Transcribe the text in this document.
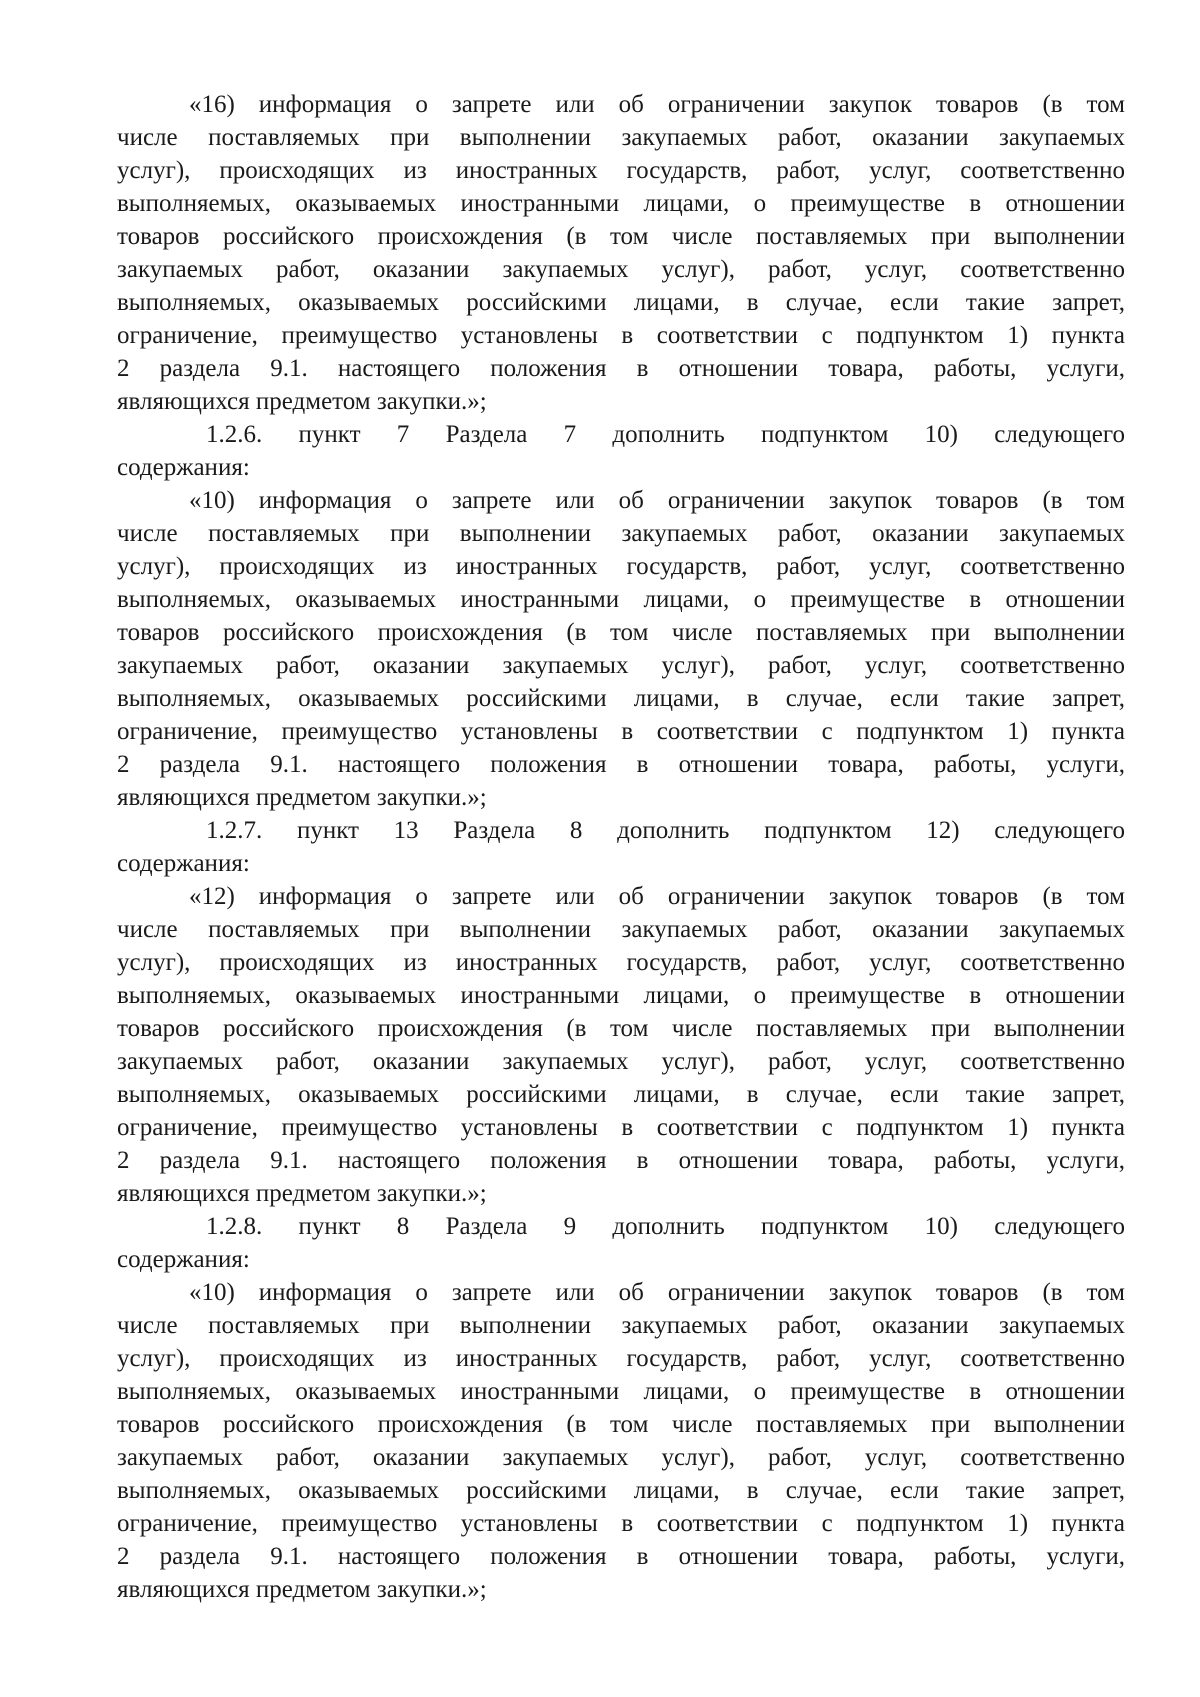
«16) информация о запрете или об ограничении закупок товаров (в том
числе поставляемых при выполнении закупаемых работ, оказании закупаемых
услуг), происходящих из иностранных государств, работ, услуг, соответственно
выполняемых, оказываемых иностранными лицами, о преимуществе в отношении
товаров российского происхождения (в том числе поставляемых при выполнении
закупаемых работ, оказании закупаемых услуг), работ, услуг, соответственно
выполняемых, оказываемых российскими лицами, в случае, если такие запрет,
ограничение, преимущество установлены в соответствии с подпунктом 1) пункта
2 раздела 9.1. настоящего положения в отношении товара, работы, услуги,
являющихся предметом закупки.»;
1.2.6. пункт 7 Раздела 7 дополнить подпунктом 10) следующего
содержания:
«10) информация о запрете или об ограничении закупок товаров (в том
числе поставляемых при выполнении закупаемых работ, оказании закупаемых
услуг), происходящих из иностранных государств, работ, услуг, соответственно
выполняемых, оказываемых иностранными лицами, о преимуществе в отношении
товаров российского происхождения (в том числе поставляемых при выполнении
закупаемых работ, оказании закупаемых услуг), работ, услуг, соответственно
выполняемых, оказываемых российскими лицами, в случае, если такие запрет,
ограничение, преимущество установлены в соответствии с подпунктом 1) пункта
2 раздела 9.1. настоящего положения в отношении товара, работы, услуги,
являющихся предметом закупки.»;
1.2.7. пункт 13 Раздела 8 дополнить подпунктом 12) следующего
содержания:
«12) информация о запрете или об ограничении закупок товаров (в том
числе поставляемых при выполнении закупаемых работ, оказании закупаемых
услуг), происходящих из иностранных государств, работ, услуг, соответственно
выполняемых, оказываемых иностранными лицами, о преимуществе в отношении
товаров российского происхождения (в том числе поставляемых при выполнении
закупаемых работ, оказании закупаемых услуг), работ, услуг, соответственно
выполняемых, оказываемых российскими лицами, в случае, если такие запрет,
ограничение, преимущество установлены в соответствии с подпунктом 1) пункта
2 раздела 9.1. настоящего положения в отношении товара, работы, услуги,
являющихся предметом закупки.»;
1.2.8. пункт 8 Раздела 9 дополнить подпунктом 10) следующего
содержания:
«10) информация о запрете или об ограничении закупок товаров (в том
числе поставляемых при выполнении закупаемых работ, оказании закупаемых
услуг), происходящих из иностранных государств, работ, услуг, соответственно
выполняемых, оказываемых иностранными лицами, о преимуществе в отношении
товаров российского происхождения (в том числе поставляемых при выполнении
закупаемых работ, оказании закупаемых услуг), работ, услуг, соответственно
выполняемых, оказываемых российскими лицами, в случае, если такие запрет,
ограничение, преимущество установлены в соответствии с подпунктом 1) пункта
2 раздела 9.1. настоящего положения в отношении товара, работы, услуги,
являющихся предметом закупки.»;
